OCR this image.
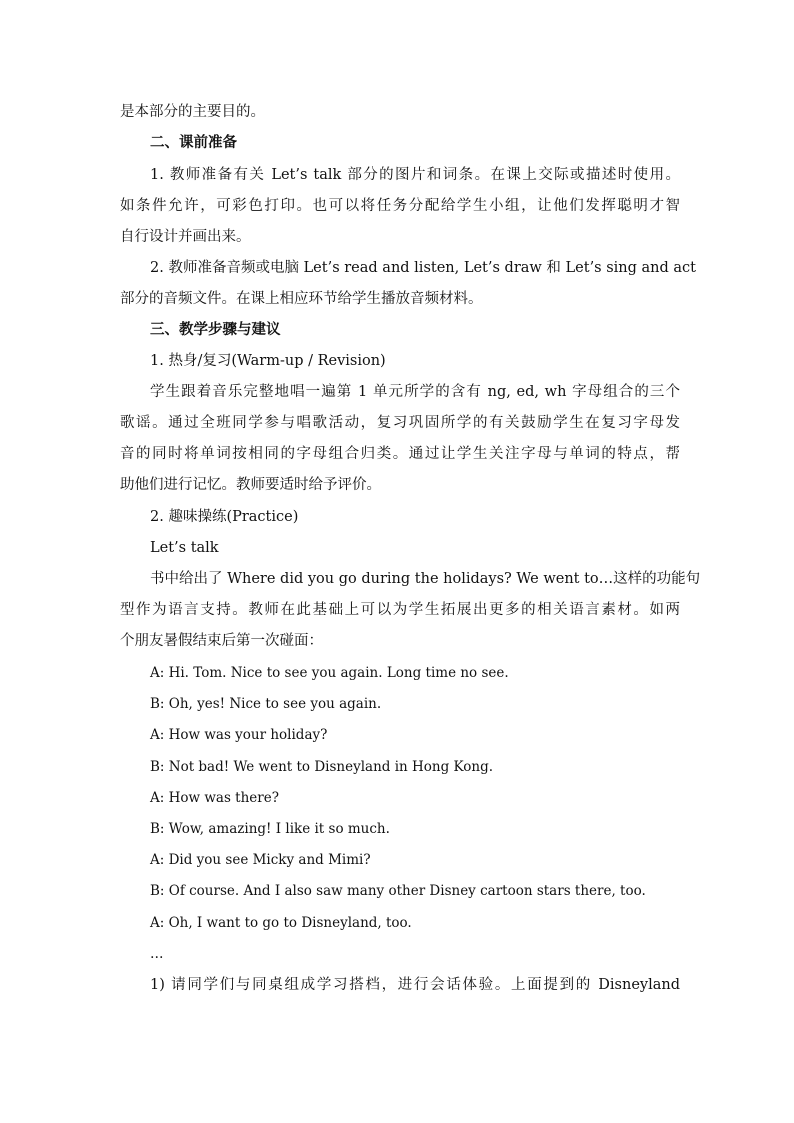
是本部分的主要目的。
二、课前准备
1. 教师准备有关 Let’s talk 部分的图片和词条。在课上交际或描述时使用。
如条件允许，可彩色打印。也可以将任务分配给学生小组，让他们发挥聪明才智
自行设计并画出来。
2. 教师准备音频或电脑 Let’s read and listen, Let’s draw 和 Let’s sing and act
部分的音频文件。在课上相应环节给学生播放音频材料。
三、教学步骤与建议
1. 热身/复习(Warm-up / Revision)
学生跟着音乐完整地唱一遍第 1 单元所学的含有 ng, ed, wh 字母组合的三个
歌谣。通过全班同学参与唱歌活动，复习巩固所学的有关鼓励学生在复习字母发
音的同时将单词按相同的字母组合归类。通过让学生关注字母与单词的特点，帮
助他们进行记忆。教师要适时给予评价。
2. 趣味操练(Practice)
Let’s talk
书中给出了 Where did you go during the holidays? We went to…这样的功能句
型作为语言支持。教师在此基础上可以为学生拓展出更多的相关语言素材。如两
个朋友暑假结束后第一次碰面：
A: Hi. Tom. Nice to see you again. Long time no see.
B: Oh, yes! Nice to see you again.
A: How was your holiday?
B: Not bad! We went to Disneyland in Hong Kong.
A: How was there?
B: Wow, amazing! I like it so much.
A: Did you see Micky and Mimi?
B: Of course. And I also saw many other Disney cartoon stars there, too.
A: Oh, I want to go to Disneyland, too.
…
1) 请同学们与同桌组成学习搭档，进行会话体验。上面提到的 Disneyland
